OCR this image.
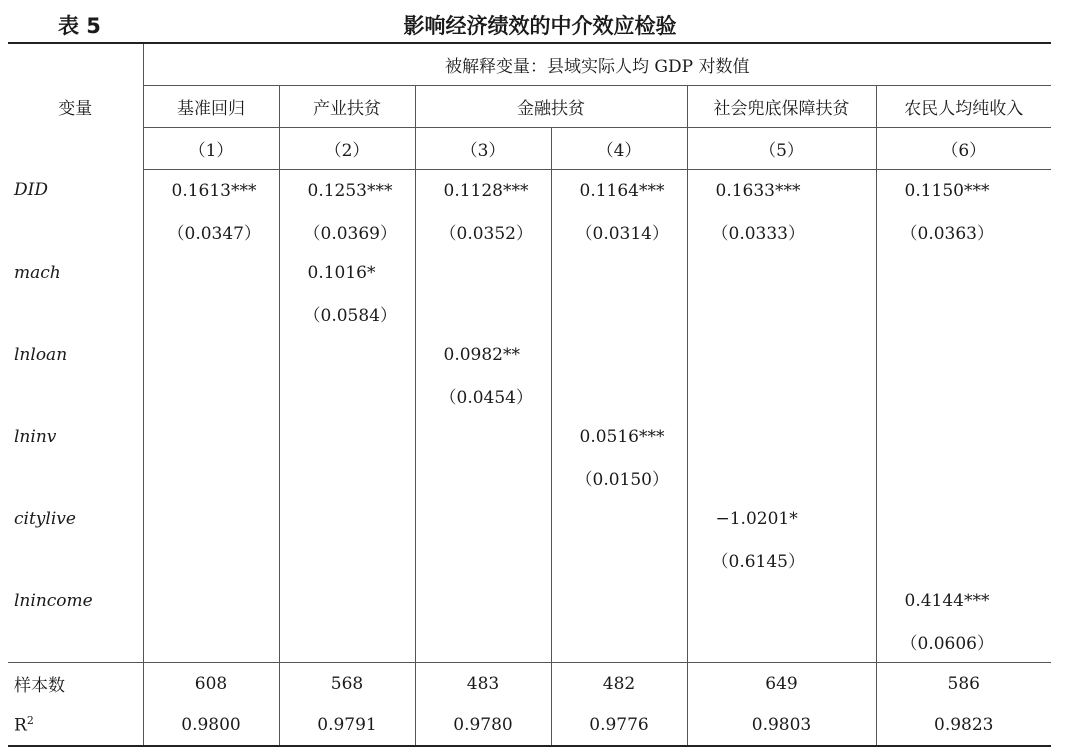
表 5	影响经济绩效的中介效应检验
变量	被解释变量：县域实际人均 GDP 对数值					
	基准回归	产业扶贫	金融扶贫		社会兜底保障扶贫	农民人均纯收入
	（1）	（2）	（3）	（4）	（5）	（6）
DID	0.1613***	0.1253***	0.1128***	0.1164***	0.1633***	0.1150***
	（0.0347）	（0.0369）	（0.0352）	（0.0314）	（0.0333）	（0.0363）
mach		0.1016*				
		（0.0584）				
lnloan			0.0982**			
			（0.0454）			
lninv				0.0516***		
				（0.0150）		
citylive					−1.0201*	
					（0.6145）	
lnincome						0.4144***
						（0.0606）
样本数	608	568	483	482	649	586
$R^2$	0.9800	0.9791	0.9780	0.9776	0.9803	0.9823
